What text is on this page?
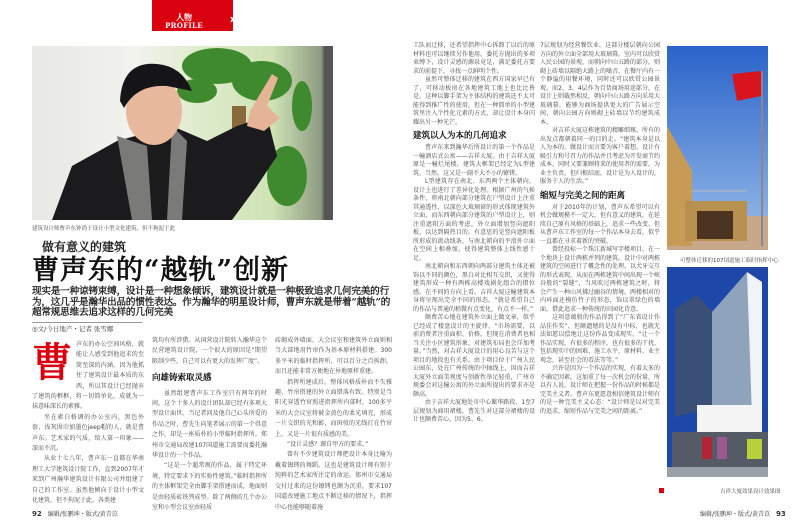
人物
PROFILE	››
建筑设计师曹声东钟尚于设计小型文化建筑，但不拘泥于此
做有意义的建筑
曹声东的“越轨”创新
现实是一种谅铐束缚，设计是一种想象倾诉，建筑设计就是一种极致追求几何完美的行为，这几乎是瀚华出品的惯性表达。作为瀚华的明星设计师，曹声东就是带着“越轨”的超常规思维去追求这样的几何完美
◎文/今日地产・记者 张雪娜
曹 声东的办公空间风格，就能让人感受到他追求的至简至深的内涵。因为他抓住了建筑设计最本质的东西，所以其设计已经抛弃了建筑的框框，将一切简单化，成就为一抹意味深长的素雅。

坐在素白格调的办公室内，黑色外套、浅灰围巾加墨色jeep帽的人，就是曹声东。艺术家的气质，给人第一印象——深而不沉。

从业十七八年，曹声东一直都在华南理工大学建筑设计院工作，直到2007年才来到广州瀚华建筑设计有限公司并组建了自己的工作室。虽然他倾向于设计小型文化建筑，但不拘泥于此，各类建

筑均有所涉猎。从国营设计院转入瀚华这个民营建筑设计院，一个很大的原因是“期望限制少些，自己可以有更大的发挥广度”。

向雄铸索取灵感

虽然组建曹声东工作室只有两年的时间，这个十多人的设计团队却已经有多项大型设计面世。当记者问及他自己心头所爱的作品之时，曹先生向笔者展示的第一个得意之作，却是一座质朴的小型临时指挥所。郑州市交通局改建107国道施工需要而委托瀚华设计的一个作品。

“这是一个超常规的作品，属于特定环境、特定要求下的实验性建筑。”临时指挥所的主体框架完全由脚手架搭建而成，地面则是由轻质砖铁列成型。除了两侧的几个办公室和小型会议室由轻质

砖砌成外墙面，大会议室和建筑外立面则相当大部地用竹帘作为基本原材料搭建。300多平米的临时指挥所，可以百分之百拆卸，而且还能非常方便地在异地原样重建。

指挥所建成后，整体风格质朴而不失雅趣，竹帘搭建的外立面错落有致。特别是当阳光穿透竹帘照进指挥所内部时，100多平米的大会议室将被金黄色的柔光填充，形成一片交织的光和影，而斑驳的光线打在竹帘上，又是一片很有质感的美。

“设计灵感？源自甲方的要求。”

曾有不少建筑设计师把设计本身比喻为戴着镣铐的舞蹈，这也是建筑设计师有别于纯粹的艺术家所注定的命运。郑州市交通局交付过来的这份镣铐也颇为沉重，要求107国道改建施工地点不断迁移的情况下，指挥中心也能够随着施

工队而迁移，还希望指挥中心拆卸了以后的原材料也可以继续另作他用。委托方抛出的多项束缚下，设计灵感的源泉竟是，满足委托方要求的前提下，寻找一点鲜明个性。

虽然可整体迁移的建筑在西方国家早已有了，可移动板房在各地建筑工地上也比比皆是，这种以脚手架为主体结构的建筑还不太可能得到推广性的使用，但在一种简单的小型建筑里注入个性化元素的方式，却让设计本身闪耀出另一种光芒。

建筑以人为本的几何追求

曹声东来到瀚华后所设计的第一个作品是一幢酒店式公寓——吉祥大厦。由于吉祥大厦原是一幢烂尾楼，建筑大框架已经定为L型建筑，当然，这又是一副不大不小的镣铐。

L型建筑存在南北、东西两个主体朝向，设计上也进行了差异化处理。根据广州的气候条件，将南北朝向部分建筑在户型设计上注重其通透性，以深色大玻璃窗的形式体现建筑外立面，而东西朝向部分建筑的户型设计上，则注重遮阳方面的考虑，外立面增加竖向遮阳板，以达到隔热目的。有意思的是竖向遮阳板所形成的流动线条，与南北朝向的平滑外立面在空间上相叠加，使得建筑整体上线性感十足。

南北朝向和东西朝向两部分建筑主体还被饰以不同的颜色，黑白对比相互交织，又使得建筑形成一种有两栋高楼戏剧化组合的错位感。在不同的方向上看，吉祥大厦这幢建筑本身将呈现出完全不同的形态。“就是希望自己的作品与普通的稍微有点变化，有点不一样。”

颇费苦心地在建筑外立面上做文章，似乎已经成了楼盘设计的主旋律，“市场需要，以前消费者注重面积、价格，但现在消费者也相当关注小区建筑形象，对建筑布局也会详加考量。”当然，对吉祥大厦设计的用心良苦与这个项目的地段也有关系。由于项目位于广州人民公园东，处在广州传统的中轴线上，因而吉祥大厦外立面美观度与创新性举足轻重，广州市规委会对这幢公寓的外立面所提出的要求亦是颇高。

由于吉祥大厦地处市中心繁华路段，1至7层规划为商用裙楼，曹先生对这部分裙楼的设计也颇费苦心。因为5、6、

7层规划为经营餐饮业，这部分楼层朝向公园方向的外立面全部用大玻璃幕，室内可以欣赏人民公园的景观，而朝向中山五路的部分，则砌上砖墙以隔绝大路上的噪音，在餐厅内有一个静谧的用餐环境，同时还可以欣赏公园景观。而2、3、4层作为百货商场用途部分，在设计上则截然相反，朝向中山五路方向采用大玻璃幕，能够为商场提供更大的广告展示空间，朝向公园方向则砌上砖墙以节约建筑成本。

对吉祥大厦这栋建筑的精雕细琢，所有的出发点都朝着同一的目的走。“建筑本身是以人为本的，做设计而言要为客户着想。设计有吸引力和号召力的作品并且考虑为开发商节约成本，同时又要兼顾将来的使用者的需要，为业主负责。但归根结底，设计是为人设计的，服务于人的生活。”

缩短与完美之间的距离

对于2010年的计划，曹声东希望可以有机会做规模不一定大，但有意义的建筑，在延续自己原有风格的基础上，追求一些改变。但从曹声东工作室的每一个作品本身去看，似乎一直都在寻求着新的突破。

曾经投标一个珠江新城写字楼项目，在一个地块上设计两栋并列的建筑。设计中对两栋建筑的空间进行了概念性的处理，以犬牙交互的形式表现，从而在两栋建筑中间出现一个峡谷般的“裂缝”，当风吹过两栋建筑之时，将会产生一种山风拂过幽谷的情境。两楼相对的内环面还模仿竹子的形态，饰以翠绿色的墙面，借此追求一种传统的田园化诗意。

这项意蕴般的作品得到了“广东省设计作品佳作奖”，但颇遗憾的是没有中标，也就无法如愿以偿地让这份作品变成现实。“让一个作品实现，有很多的程序，也有很多的干扰，包括现实中的困难、施工水平、原材料、业主观念，甚至社会的看法等等。”

兴许是因为一个作品的实现，有着太多的不确定因素，这加重了每一次机会的份量，所以有人说，设计师在把握一份作品的时候都是完美主义者。曹声东更愿意相信建筑设计师有的是一种完美主义心态：“设计师是以对完美的追求，缩短作品与完美之间的距离。”

可整体迁移的107国道施工临时指挥中心
吉祥大厦效果设计效果图
92 编辑/张鹏坤・版式/黄青苡	编辑/张鹏坤・版式/黄青苡 93
